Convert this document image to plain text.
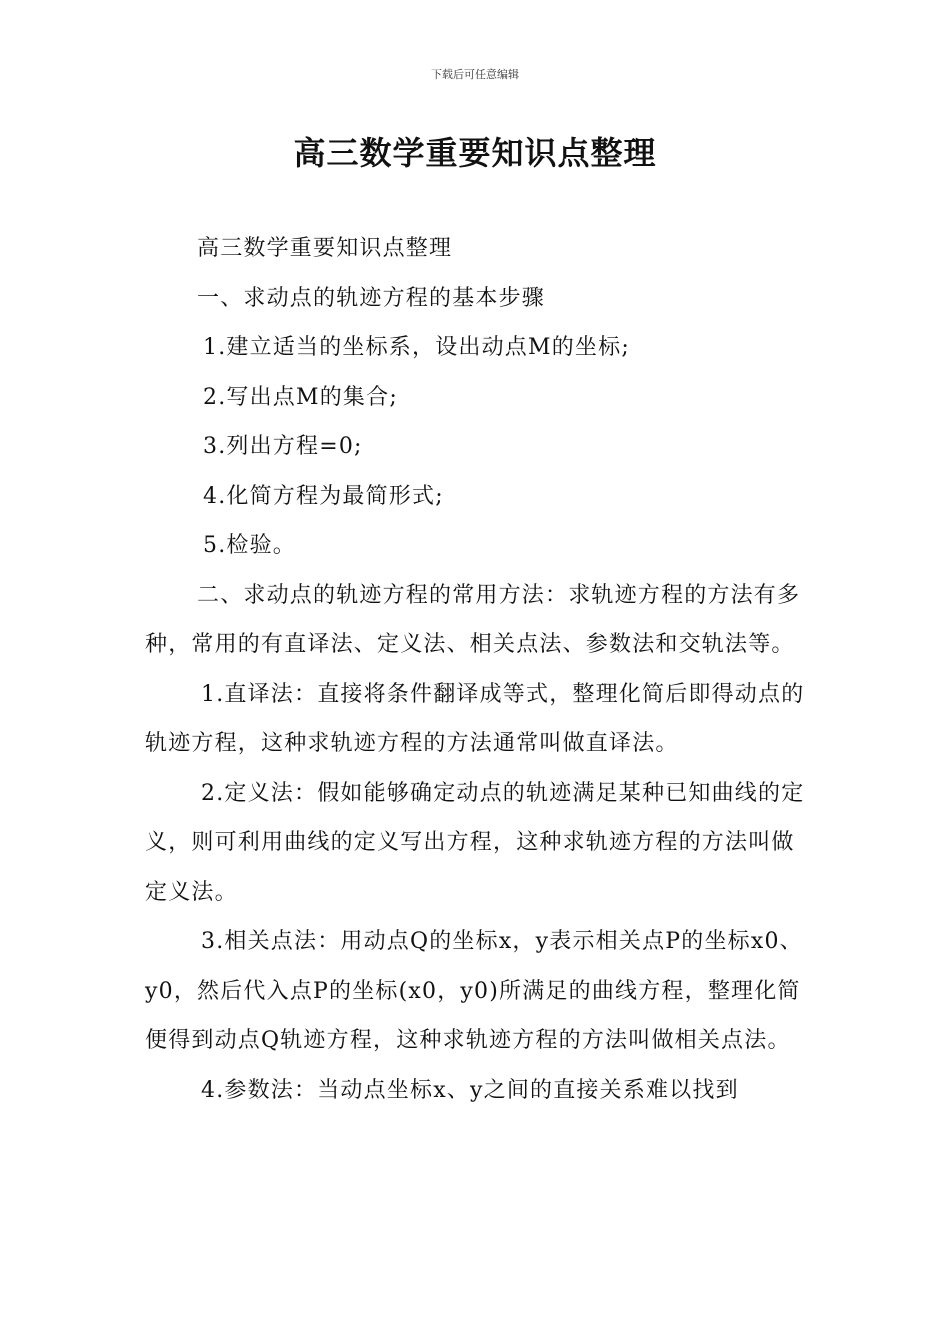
下载后可任意编辑
高三数学重要知识点整理

高三数学重要知识点整理

一、求动点的轨迹方程的基本步骤

1.建立适当的坐标系，设出动点M的坐标;

2.写出点M的集合;

3.列出方程=0;

4.化简方程为最简形式;

5.检验。

二、求动点的轨迹方程的常用方法：求轨迹方程的方法有多种，常用的有直译法、定义法、相关点法、参数法和交轨法等。

1.直译法：直接将条件翻译成等式，整理化简后即得动点的轨迹方程，这种求轨迹方程的方法通常叫做直译法。

2.定义法：假如能够确定动点的轨迹满足某种已知曲线的定义，则可利用曲线的定义写出方程，这种求轨迹方程的方法叫做定义法。

3.相关点法：用动点Q的坐标x，y表示相关点P的坐标x0、y0，然后代入点P的坐标(x0，y0)所满足的曲线方程，整理化简便得到动点Q轨迹方程，这种求轨迹方程的方法叫做相关点法。

4.参数法：当动点坐标x、y之间的直接关系难以找到
